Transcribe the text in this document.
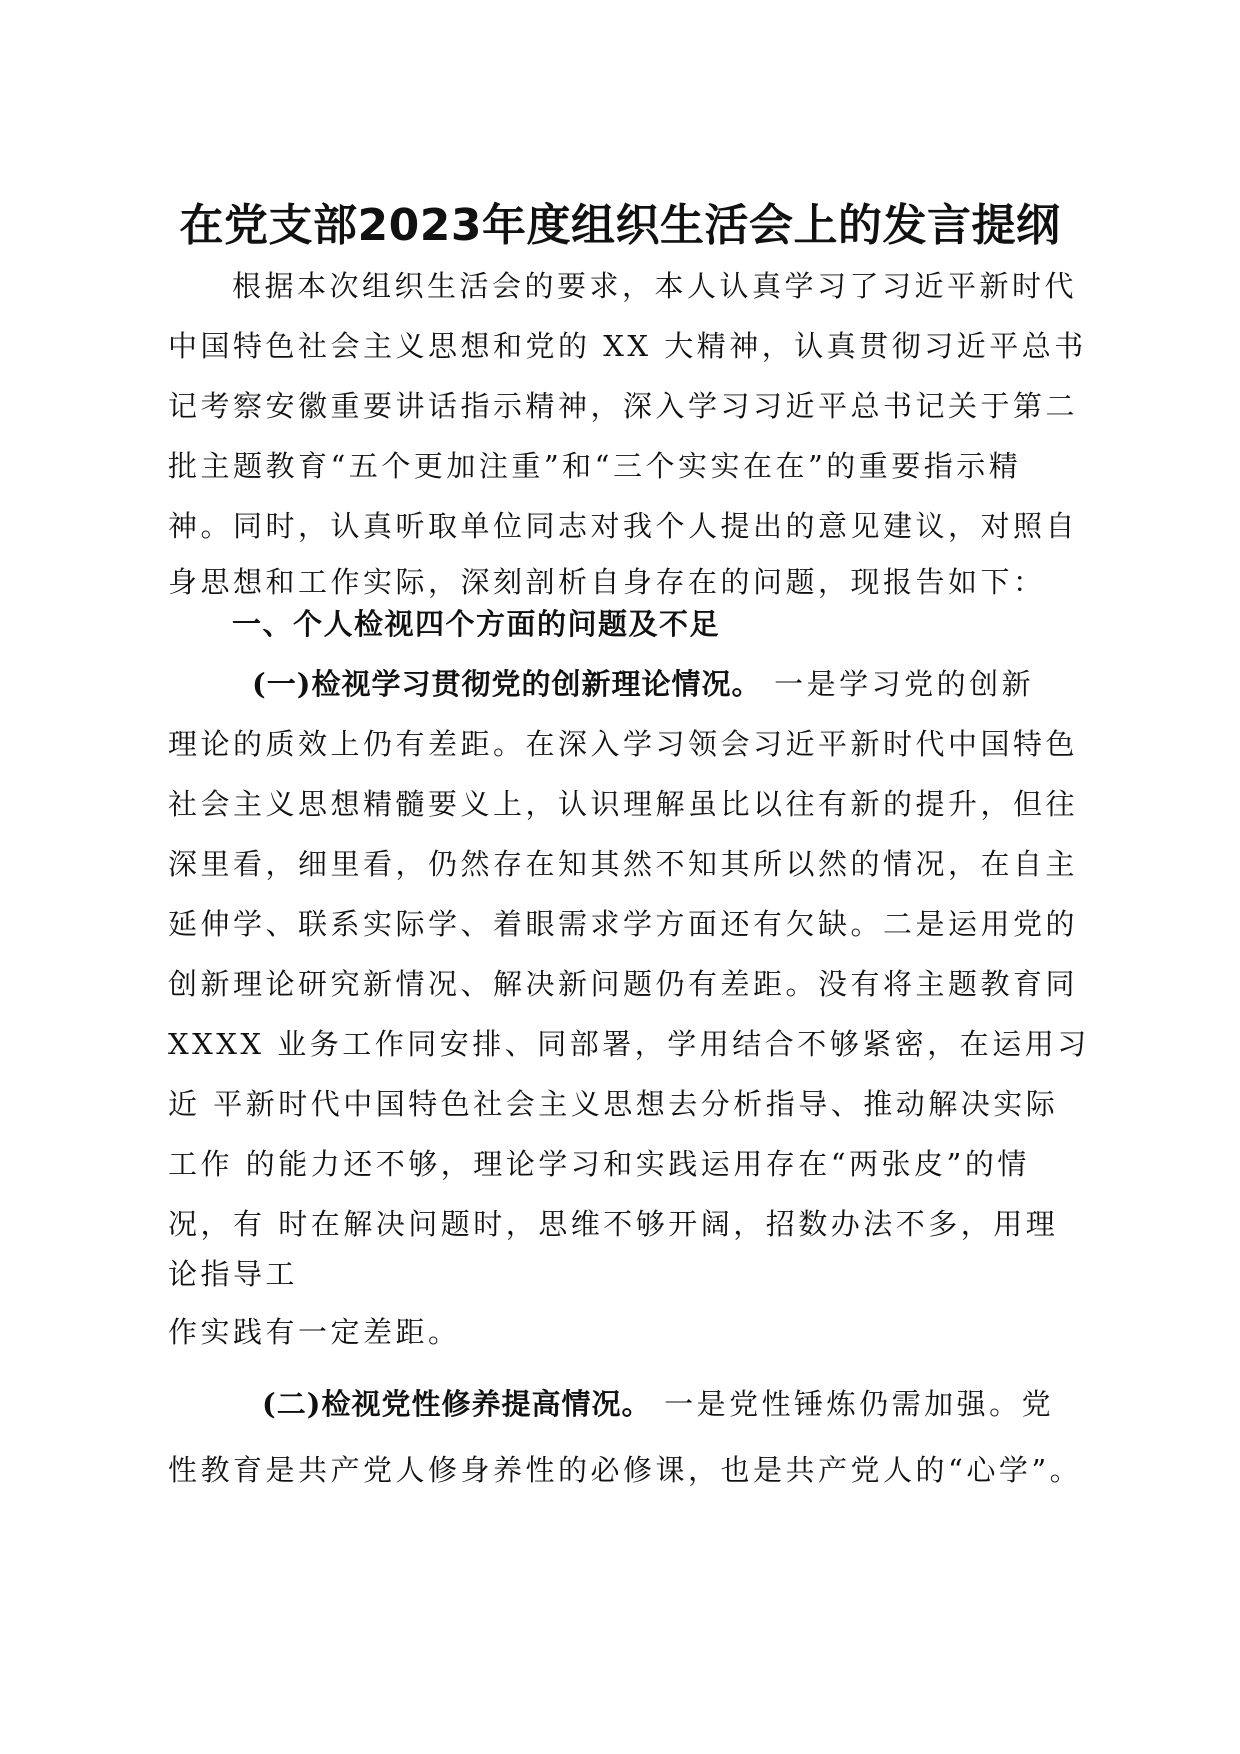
在党支部2023年度组织生活会上的发言提纲
根据本次组织生活会的要求，本人认真学习了习近平新时代
中国特色社会主义思想和党的 XX 大精神，认真贯彻习近平总书
记考察安徽重要讲话指示精神，深入学习习近平总书记关于第二
批主题教育“五个更加注重”和“三个实实在在”的重要指示精
神。同时，认真听取单位同志对我个人提出的意见建议，对照自
身思想和工作实际，深刻剖析自身存在的问题，现报告如下：
一、个人检视四个方面的问题及不足
(一)检视学习贯彻党的创新理论情况。 一是学习党的创新
理论的质效上仍有差距。在深入学习领会习近平新时代中国特色
社会主义思想精髓要义上，认识理解虽比以往有新的提升，但往
深里看，细里看，仍然存在知其然不知其所以然的情况，在自主
延伸学、联系实际学、着眼需求学方面还有欠缺。二是运用党的
创新理论研究新情况、解决新问题仍有差距。没有将主题教育同
XXXX 业务工作同安排、同部署，学用结合不够紧密，在运用习
近 平新时代中国特色社会主义思想去分析指导、推动解决实际
工作 的能力还不够，理论学习和实践运用存在“两张皮”的情
况，有 时在解决问题时，思维不够开阔，招数办法不多，用理
论指导工
作实践有一定差距。
(二)检视党性修养提高情况。 一是党性锤炼仍需加强。党
性教育是共产党人修身养性的必修课，也是共产党人的“心学”。
